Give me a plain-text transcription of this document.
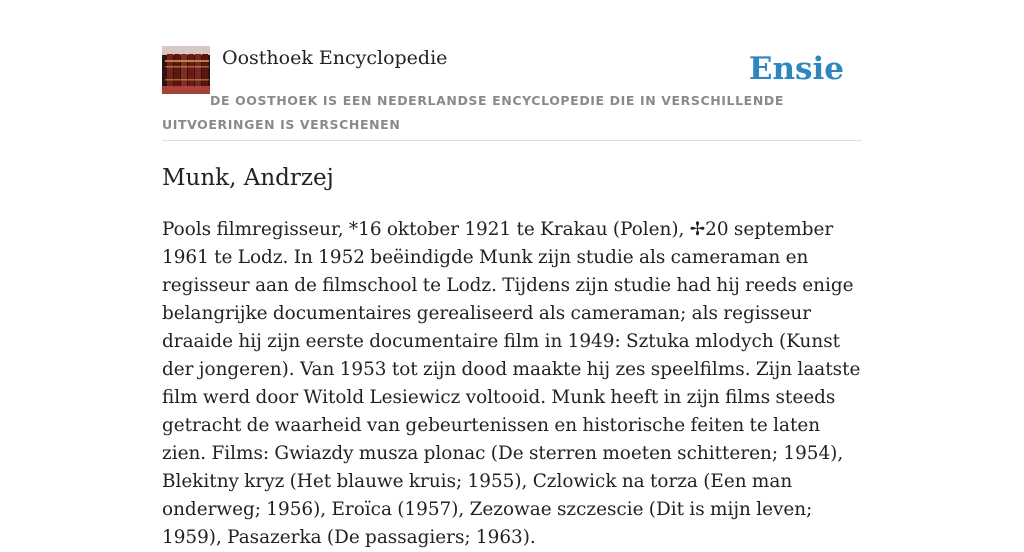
Oosthoek Encyclopedie	Ensie
DE OOSTHOEK IS EEN NEDERLANDSE ENCYCLOPEDIE DIE IN VERSCHILLENDE UITVOERINGEN IS VERSCHENEN
Munk, Andrzej

Pools filmregisseur, *16 oktober 1921 te Krakau (Polen), ✢20 september 1961 te Lodz. In 1952 beëindigde Munk zijn studie als cameraman en regisseur aan de filmschool te Lodz. Tijdens zijn studie had hij reeds enige belangrijke documentaires gerealiseerd als cameraman; als regisseur draaide hij zijn eerste documentaire film in 1949: Sztuka mlodych (Kunst der jongeren). Van 1953 tot zijn dood maakte hij zes speelfilms. Zijn laatste film werd door Witold Lesiewicz voltooid. Munk heeft in zijn films steeds getracht de waarheid van gebeurtenissen en historische feiten te laten zien. Films: Gwiazdy musza plonac (De sterren moeten schitteren; 1954), Blekitny kryz (Het blauwe kruis; 1955), Czlowick na torza (Een man onderweg; 1956), Eroïca (1957), Zezowae szczescie (Dit is mijn leven; 1959), Pasazerka (De passagiers; 1963).
